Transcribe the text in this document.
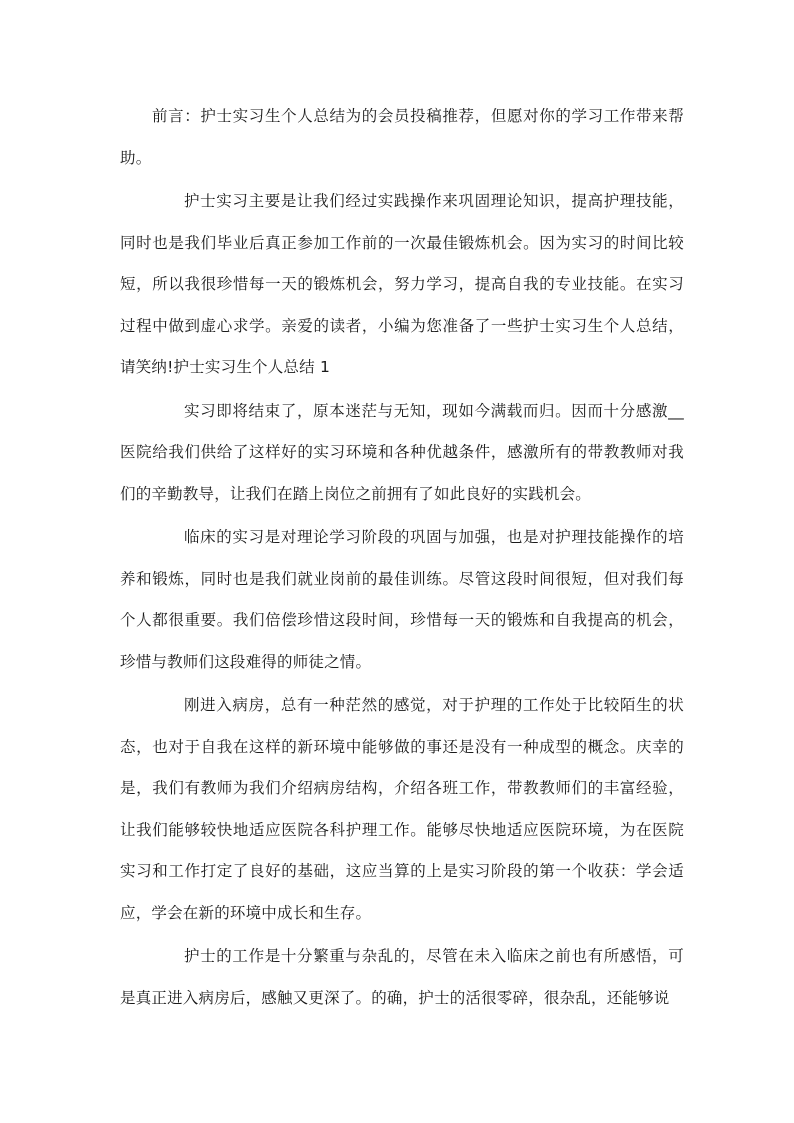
前言：护士实习生个人总结为的会员投稿推荐，但愿对你的学习工作带来帮助。

护士实习主要是让我们经过实践操作来巩固理论知识，提高护理技能，同时也是我们毕业后真正参加工作前的一次最佳锻炼机会。因为实习的时间比较短，所以我很珍惜每一天的锻炼机会，努力学习，提高自我的专业技能。在实习过程中做到虚心求学。亲爱的读者，小编为您准备了一些护士实习生个人总结，请笑纳!护士实习生个人总结 1

实习即将结束了，原本迷茫与无知，现如今满载而归。因而十分感激__医院给我们供给了这样好的实习环境和各种优越条件，感激所有的带教教师对我们的辛勤教导，让我们在踏上岗位之前拥有了如此良好的实践机会。

临床的实习是对理论学习阶段的巩固与加强，也是对护理技能操作的培养和锻炼，同时也是我们就业岗前的最佳训练。尽管这段时间很短，但对我们每个人都很重要。我们倍偿珍惜这段时间，珍惜每一天的锻炼和自我提高的机会，珍惜与教师们这段难得的师徒之情。

刚进入病房，总有一种茫然的感觉，对于护理的工作处于比较陌生的状态，也对于自我在这样的新环境中能够做的事还是没有一种成型的概念。庆幸的是，我们有教师为我们介绍病房结构，介绍各班工作，带教教师们的丰富经验，让我们能够较快地适应医院各科护理工作。能够尽快地适应医院环境，为在医院实习和工作打定了良好的基础，这应当算的上是实习阶段的第一个收获：学会适应，学会在新的环境中成长和生存。

护士的工作是十分繁重与杂乱的，尽管在未入临床之前也有所感悟，可是真正进入病房后，感触又更深了。的确，护士的活很零碎，很杂乱，还能够说
